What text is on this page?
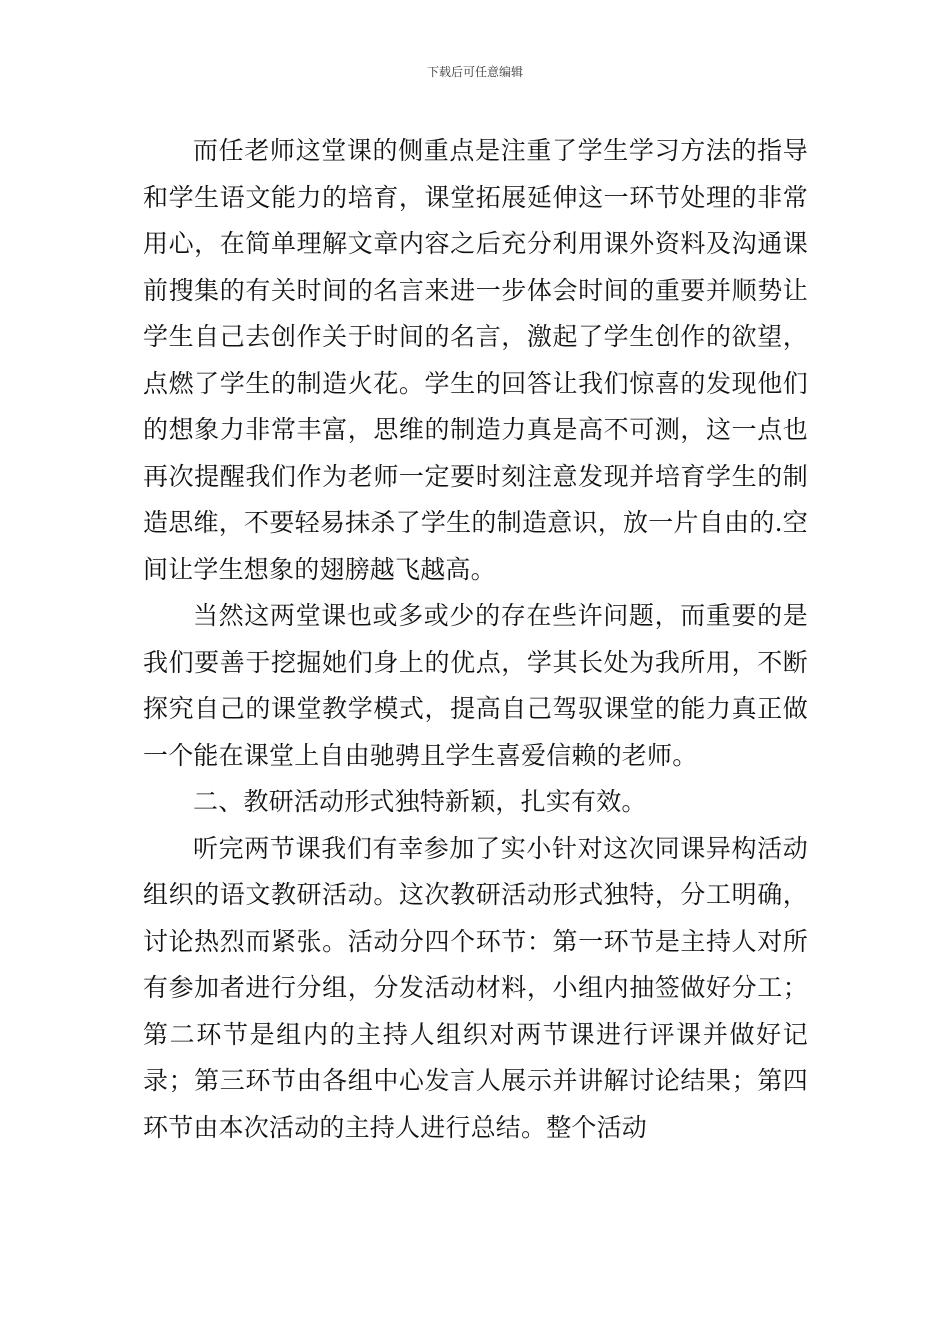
下载后可任意编辑

而任老师这堂课的侧重点是注重了学生学习方法的指导和学生语文能力的培育，课堂拓展延伸这一环节处理的非常用心，在简单理解文章内容之后充分利用课外资料及沟通课前搜集的有关时间的名言来进一步体会时间的重要并顺势让学生自己去创作关于时间的名言，激起了学生创作的欲望，点燃了学生的制造火花。学生的回答让我们惊喜的发现他们的想象力非常丰富，思维的制造力真是高不可测，这一点也再次提醒我们作为老师一定要时刻注意发现并培育学生的制造思维，不要轻易抹杀了学生的制造意识，放一片自由的.空间让学生想象的翅膀越飞越高。

当然这两堂课也或多或少的存在些许问题，而重要的是我们要善于挖掘她们身上的优点，学其长处为我所用，不断探究自己的课堂教学模式，提高自己驾驭课堂的能力真正做一个能在课堂上自由驰骋且学生喜爱信赖的老师。

二、教研活动形式独特新颖，扎实有效。

听完两节课我们有幸参加了实小针对这次同课异构活动组织的语文教研活动。这次教研活动形式独特，分工明确，讨论热烈而紧张。活动分四个环节：第一环节是主持人对所有参加者进行分组，分发活动材料，小组内抽签做好分工；第二环节是组内的主持人组织对两节课进行评课并做好记录；第三环节由各组中心发言人展示并讲解讨论结果；第四环节由本次活动的主持人进行总结。整个活动
